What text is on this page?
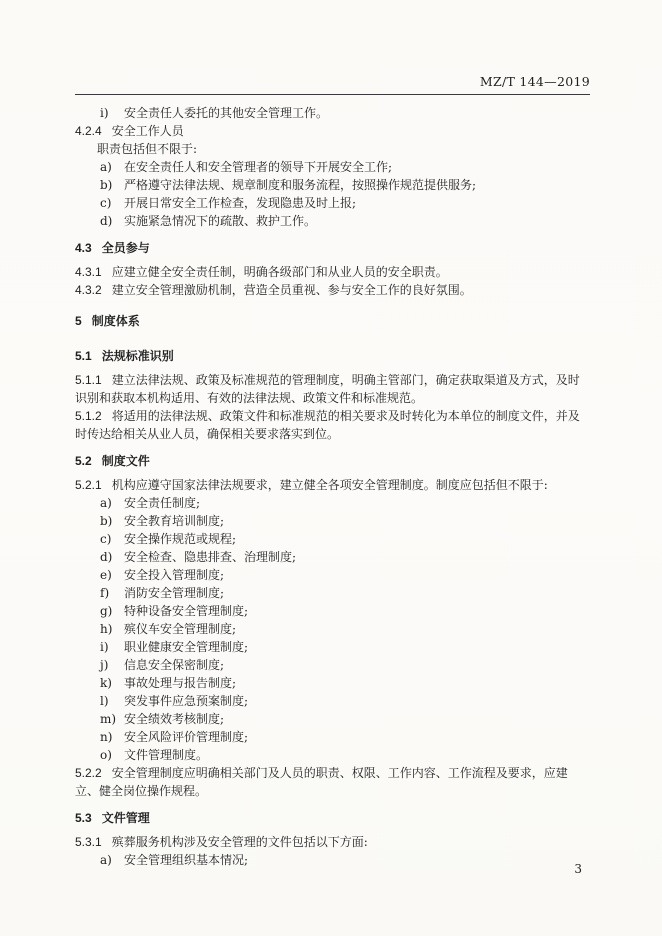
MZ/T 144—2019

i) 安全责任人委托的其他安全管理工作。

4.2.4 安全工作人员

职责包括但不限于:

a) 在安全责任人和安全管理者的领导下开展安全工作;

b) 严格遵守法律法规、规章制度和服务流程，按照操作规范提供服务;

c) 开展日常安全工作检查，发现隐患及时上报;

d) 实施紧急情况下的疏散、救护工作。

4.3 全员参与

4.3.1 应建立健全安全责任制，明确各级部门和从业人员的安全职责。

4.3.2 建立安全管理激励机制，营造全员重视、参与安全工作的良好氛围。

5 制度体系

5.1 法规标准识别

5.1.1 建立法律法规、政策及标准规范的管理制度，明确主管部门，确定获取渠道及方式，及时识别和获取本机构适用、有效的法律法规、政策文件和标准规范。

5.1.2 将适用的法律法规、政策文件和标准规范的相关要求及时转化为本单位的制度文件，并及时传达给相关从业人员，确保相关要求落实到位。

5.2 制度文件

5.2.1 机构应遵守国家法律法规要求，建立健全各项安全管理制度。制度应包括但不限于:

a) 安全责任制度;

b) 安全教育培训制度;

c) 安全操作规范或规程;

d) 安全检查、隐患排查、治理制度;

e) 安全投入管理制度;

f) 消防安全管理制度;

g) 特种设备安全管理制度;

h) 殡仪车安全管理制度;

i) 职业健康安全管理制度;

j) 信息安全保密制度;

k) 事故处理与报告制度;

l) 突发事件应急预案制度;

m) 安全绩效考核制度;

n) 安全风险评价管理制度;

o) 文件管理制度。

5.2.2 安全管理制度应明确相关部门及人员的职责、权限、工作内容、工作流程及要求，应建立、健全岗位操作规程。

5.3 文件管理

5.3.1 殡葬服务机构涉及安全管理的文件包括以下方面:

a) 安全管理组织基本情况;

3
